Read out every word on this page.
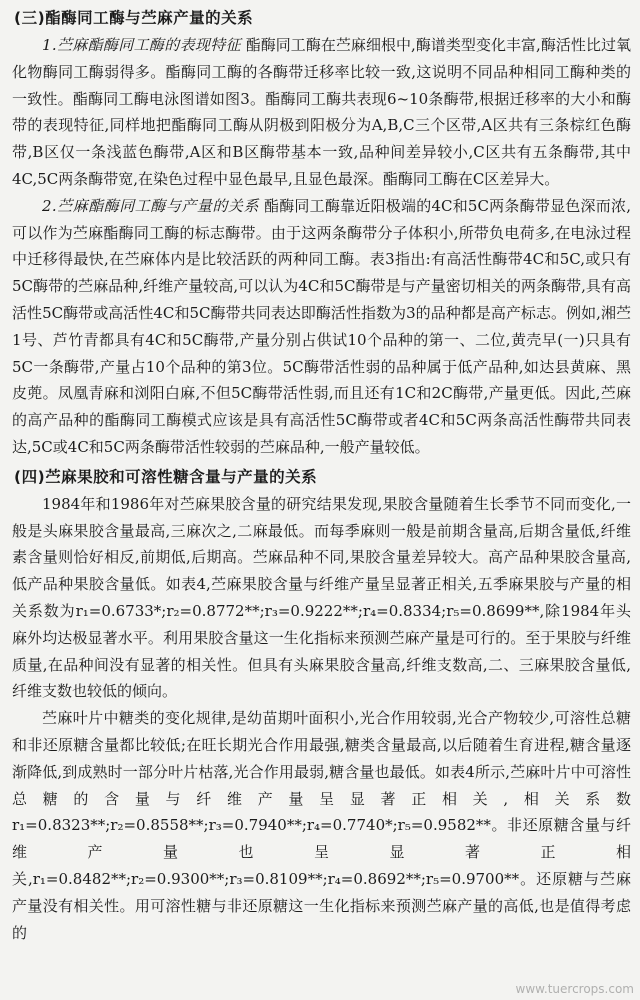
(三)酯酶同工酶与苎麻产量的关系

1.苎麻酯酶同工酶的表现特征 酯酶同工酶在苎麻细根中,酶谱类型变化丰富,酶活性比过氧化物酶同工酶弱得多。酯酶同工酶的各酶带迁移率比较一致,这说明不同品种相同工酶种类的一致性。酯酶同工酶电泳图谱如图3。酯酶同工酶共表现6~10条酶带,根据迁移率的大小和酶带的表现特征,同样地把酯酶同工酶从阴极到阳极分为A,B,C三个区带,A区共有三条棕红色酶带,B区仅一条浅蓝色酶带,A区和B区酶带基本一致,品种间差异较小,C区共有五条酶带,其中4C,5C两条酶带宽,在染色过程中显色最早,且显色最深。酯酶同工酶在C区差异大。

2.苎麻酯酶同工酶与产量的关系 酯酶同工酶靠近阳极端的4C和5C两条酶带显色深而浓,可以作为苎麻酯酶同工酶的标志酶带。由于这两条酶带分子体积小,所带负电荷多,在电泳过程中迁移得最快,在苎麻体内是比较活跃的两种同工酶。表3指出:有高活性酶带4C和5C,或只有5C酶带的苎麻品种,纤维产量较高,可以认为4C和5C酶带是与产量密切相关的两条酶带,具有高活性5C酶带或高活性4C和5C酶带共同表达即酶活性指数为3的品种都是高产标志。例如,湘苎1号、芦竹青都具有4C和5C酶带,产量分别占供试10个品种的第一、二位,黄壳早(一)只具有5C一条酶带,产量占10个品种的第3位。5C酶带活性弱的品种属于低产品种,如达县黄麻、黑皮蔸。凤凰青麻和浏阳白麻,不但5C酶带活性弱,而且还有1C和2C酶带,产量更低。因此,苎麻的高产品种的酯酶同工酶模式应该是具有高活性5C酶带或者4C和5C两条高活性酶带共同表达,5C或4C和5C两条酶带活性较弱的苎麻品种,一般产量较低。

(四)苎麻果胶和可溶性糖含量与产量的关系

1984年和1986年对苎麻果胶含量的研究结果发现,果胶含量随着生长季节不同而变化,一般是头麻果胶含量最高,三麻次之,二麻最低。而每季麻则一般是前期含量高,后期含量低,纤维素含量则恰好相反,前期低,后期高。苎麻品种不同,果胶含量差异较大。高产品种果胶含量高,低产品种果胶含量低。如表4,苎麻果胶含量与纤维产量呈显著正相关,五季麻果胶与产量的相关系数为r₁=0.6733*;r₂=0.8772**;r₃=0.9222**;r₄=0.8334;r₅=0.8699**,除1984年头麻外均达极显著水平。利用果胶含量这一生化指标来预测苎麻产量是可行的。至于果胶与纤维质量,在品种间没有显著的相关性。但具有头麻果胶含量高,纤维支数高,二、三麻果胶含量低,纤维支数也较低的倾向。

苎麻叶片中糖类的变化规律,是幼苗期叶面积小,光合作用较弱,光合产物较少,可溶性总糖和非还原糖含量都比较低;在旺长期光合作用最强,糖类含量最高,以后随着生育进程,糖含量逐渐降低,到成熟时一部分叶片枯落,光合作用最弱,糖含量也最低。如表4所示,苎麻叶片中可溶性总糖的含量与纤维产量呈显著正相关,相关系数r₁=0.8323**;r₂=0.8558**;r₃=0.7940**;r₄=0.7740*;r₅=0.9582**。非还原糖含量与纤维产量也呈显著正相关,r₁=0.8482**;r₂=0.9300**;r₃=0.8109**;r₄=0.8692**;r₅=0.9700**。还原糖与苎麻产量没有相关性。用可溶性糖与非还原糖这一生化指标来预测苎麻产量的高低,也是值得考虑的

www.tuercrops.com
